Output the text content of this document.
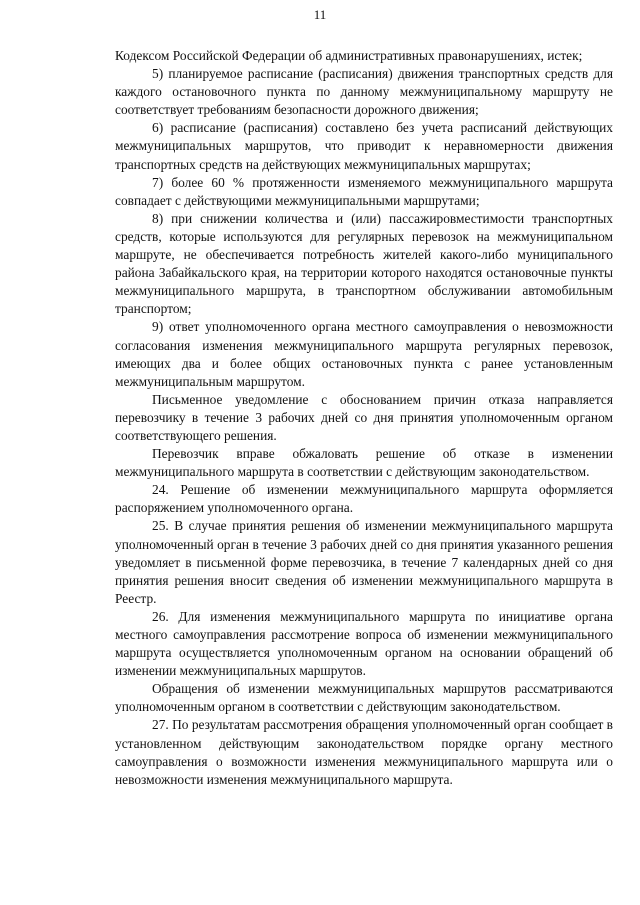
11

Кодексом Российской Федерации об административных правонарушениях, истек;

5) планируемое расписание (расписания) движения транспортных средств для каждого остановочного пункта по данному межмуниципальному маршруту не соответствует требованиям безопасности дорожного движения;

6) расписание (расписания) составлено без учета расписаний действующих межмуниципальных маршрутов, что приводит к неравномерности движения транспортных средств на действующих межмуниципальных маршрутах;

7) более 60 % протяженности изменяемого межмуниципального маршрута совпадает с действующими межмуниципальными маршрутами;

8) при снижении количества и (или) пассажировместимости транспортных средств, которые используются для регулярных перевозок на межмуниципальном маршруте, не обеспечивается потребность жителей какого-либо муниципального района Забайкальского края, на территории которого находятся остановочные пункты межмуниципального маршрута, в транспортном обслуживании автомобильным транспортом;

9) ответ уполномоченного органа местного самоуправления о невозможности согласования изменения межмуниципального маршрута регулярных перевозок, имеющих два и более общих остановочных пункта с ранее установленным межмуниципальным маршрутом.

Письменное уведомление с обоснованием причин отказа направляется перевозчику в течение 3 рабочих дней со дня принятия уполномоченным органом соответствующего решения.

Перевозчик вправе обжаловать решение об отказе в изменении межмуниципального маршрута в соответствии с действующим законодательством.

24. Решение об изменении межмуниципального маршрута оформляется распоряжением уполномоченного органа.

25. В случае принятия решения об изменении межмуниципального маршрута уполномоченный орган в течение 3 рабочих дней со дня принятия указанного решения уведомляет в письменной форме перевозчика, в течение 7 календарных дней со дня принятия решения вносит сведения об изменении межмуниципального маршрута в Реестр.

26. Для изменения межмуниципального маршрута по инициативе органа местного самоуправления рассмотрение вопроса об изменении межмуниципального маршрута осуществляется уполномоченным органом на основании обращений об изменении межмуниципальных маршрутов.

Обращения об изменении межмуниципальных маршрутов рассматриваются уполномоченным органом в соответствии с действующим законодательством.

27. По результатам рассмотрения обращения уполномоченный орган сообщает в установленном действующим законодательством порядке органу местного самоуправления о возможности изменения межмуниципального маршрута или о невозможности изменения межмуниципального маршрута.
